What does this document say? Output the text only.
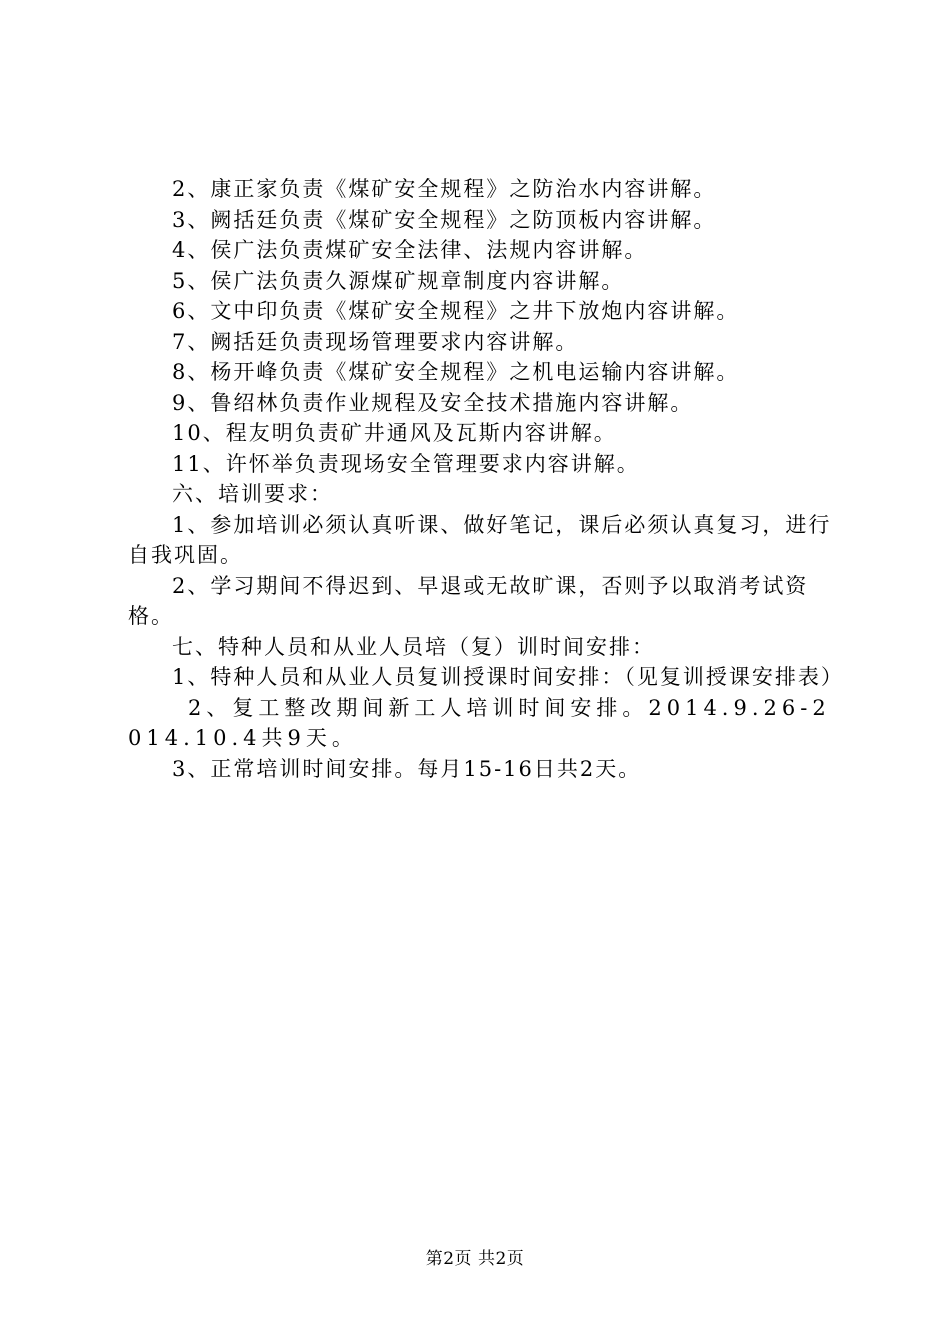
2、康正家负责《煤矿安全规程》之防治水内容讲解。

3、阙括廷负责《煤矿安全规程》之防顶板内容讲解。

4、侯广法负责煤矿安全法律、法规内容讲解。

5、侯广法负责久源煤矿规章制度内容讲解。

6、文中印负责《煤矿安全规程》之井下放炮内容讲解。

7、阙括廷负责现场管理要求内容讲解。

8、杨开峰负责《煤矿安全规程》之机电运输内容讲解。

9、鲁绍林负责作业规程及安全技术措施内容讲解。

10、程友明负责矿井通风及瓦斯内容讲解。

11、许怀举负责现场安全管理要求内容讲解。

六、培训要求：

1、参加培训必须认真听课、做好笔记，课后必须认真复习，进行自我巩固。

2、学习期间不得迟到、早退或无故旷课，否则予以取消考试资格。

七、特种人员和从业人员培（复）训时间安排：

1、特种人员和从业人员复训授课时间安排：（见复训授课安排表）

2、复工整改期间新工人培训时间安排。2014.9.26-2014.10.4共9天。

3、正常培训时间安排。每月15-16日共2天。

第2页 共2页
